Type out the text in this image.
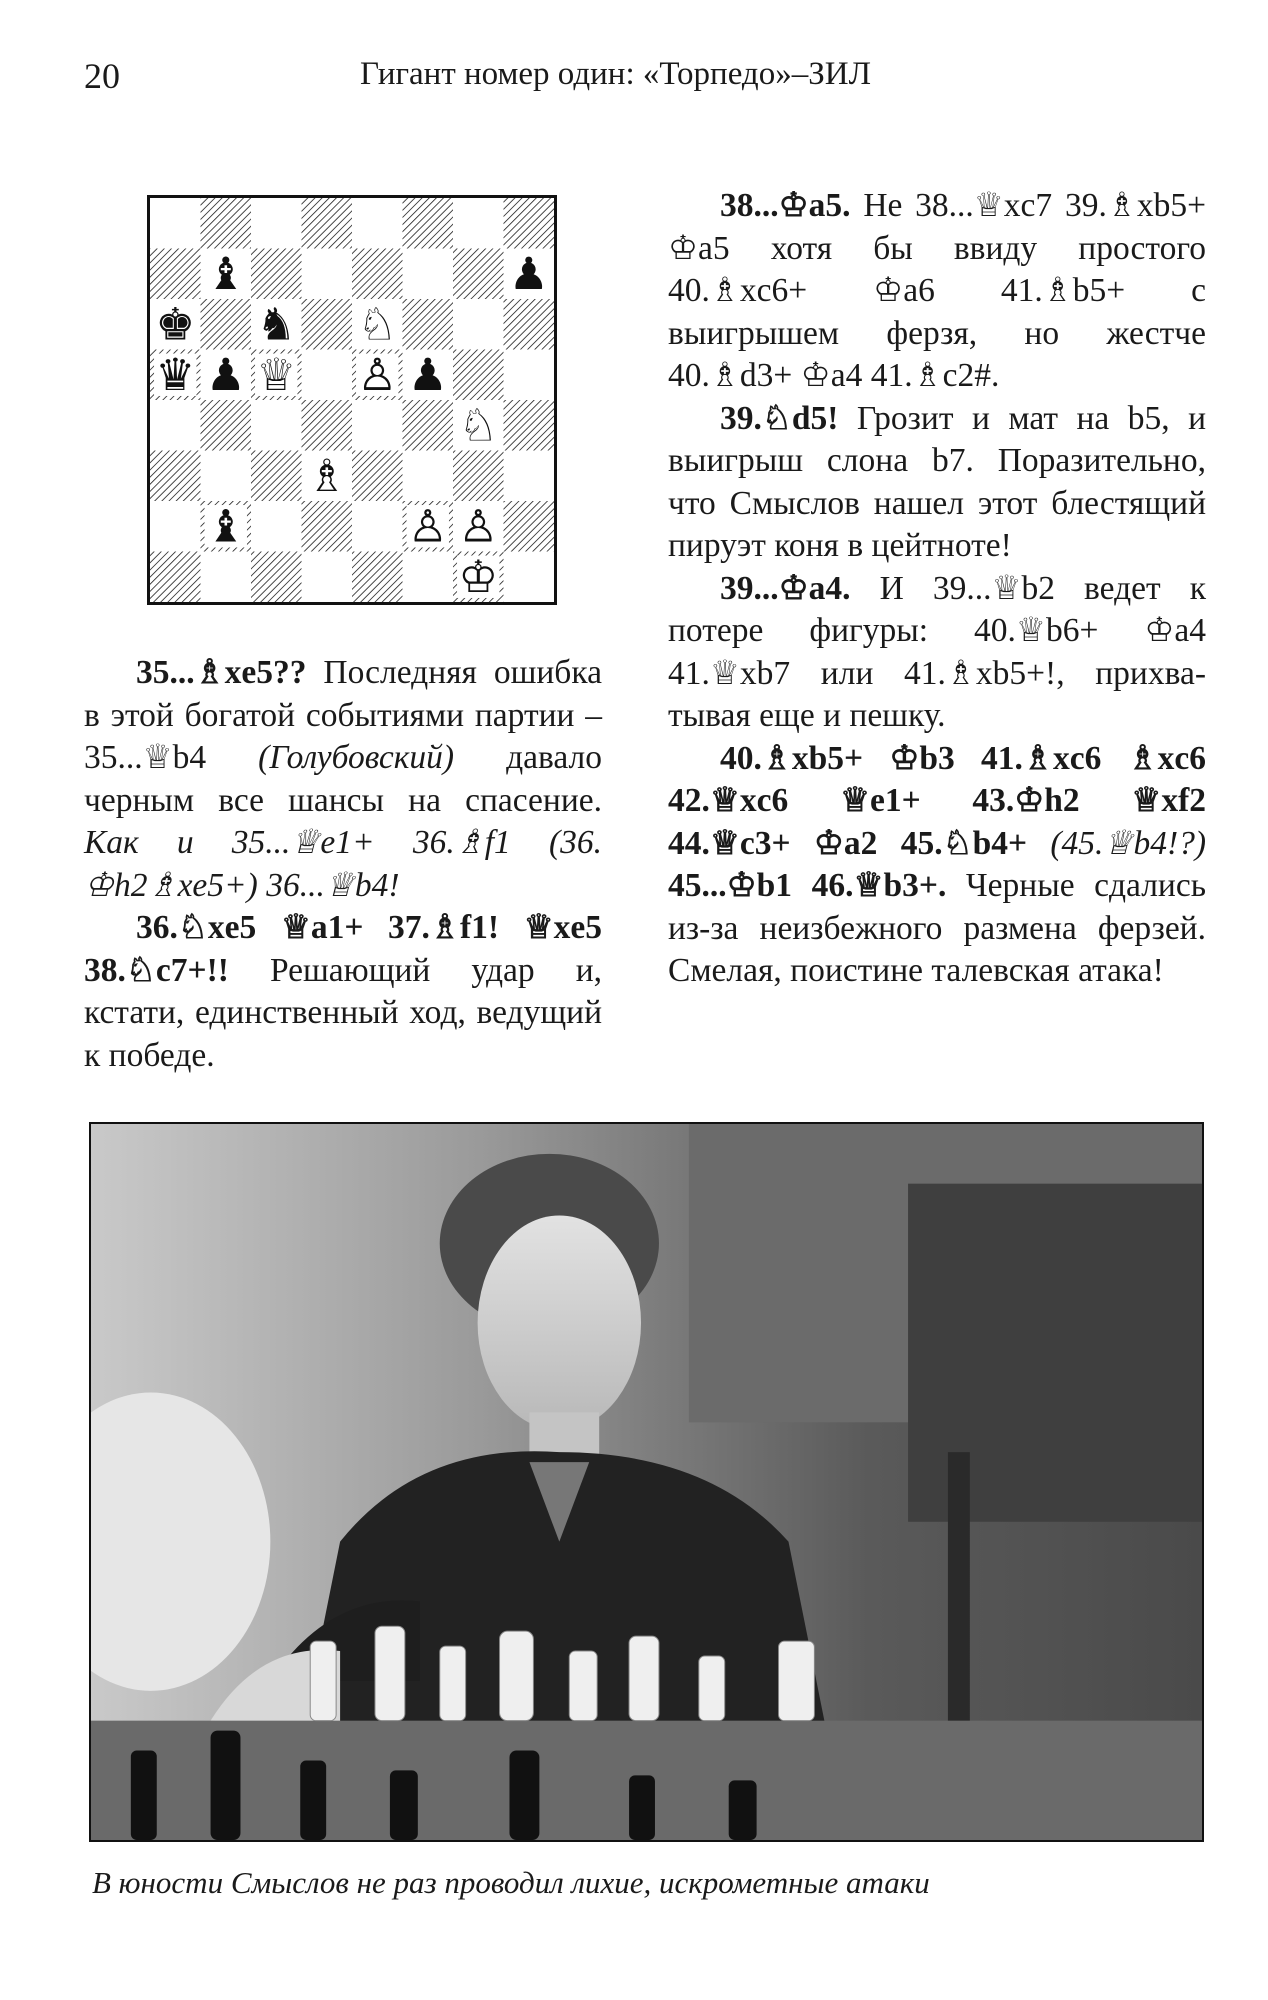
20	Гигант номер один: «Торпедо»–ЗИЛ
♝	♟
♚ ♞ ♘
♛ ♟ ♕ ♙ ♟
♘
♗
♝	♙ ♙
♔

35...♗xe5?? Последняя ошибка в этой богатой событиями партии – 35...♕b4 (Голубовский) давало черным все шансы на спасение. Как и 35...♕e1+ 36.♗f1 (36. ♔h2♗xe5+) 36...♕b4!

36.♘xe5 ♕a1+ 37.♗f1! ♕xe5 38.♘c7+!! Решающий удар и, кстати, единственный ход, ведущий к победе.

38...♔a5. Не 38...♕xc7 39.♗xb5+ ♔a5 хотя бы ввиду простого 40.♗xc6+ ♔a6 41.♗b5+ с выигрышем ферзя, но жестче 40.♗d3+ ♔a4 41.♗c2#.

39.♘d5! Грозит и мат на b5, и выигрыш слона b7. Поразительно, что Смыслов нашел этот блестящий пируэт коня в цейтноте!

39...♔a4. И 39...♕b2 ведет к потере фигуры: 40.♕b6+ ♔a4 41.♕xb7 или 41.♗xb5+!, прихватывая еще и пешку.

40.♗xb5+ ♔b3 41.♗xc6 ♗xc6 42.♕xc6 ♕e1+ 43.♔h2 ♕xf2 44.♕c3+ ♔a2 45.♘b4+ (45.♕b4!?) 45...♔b1 46.♕b3+. Черные сдались из-за неизбежного размена ферзей. Смелая, поистине талевская атака!

В юности Смыслов не раз проводил лихие, искрометные атаки
